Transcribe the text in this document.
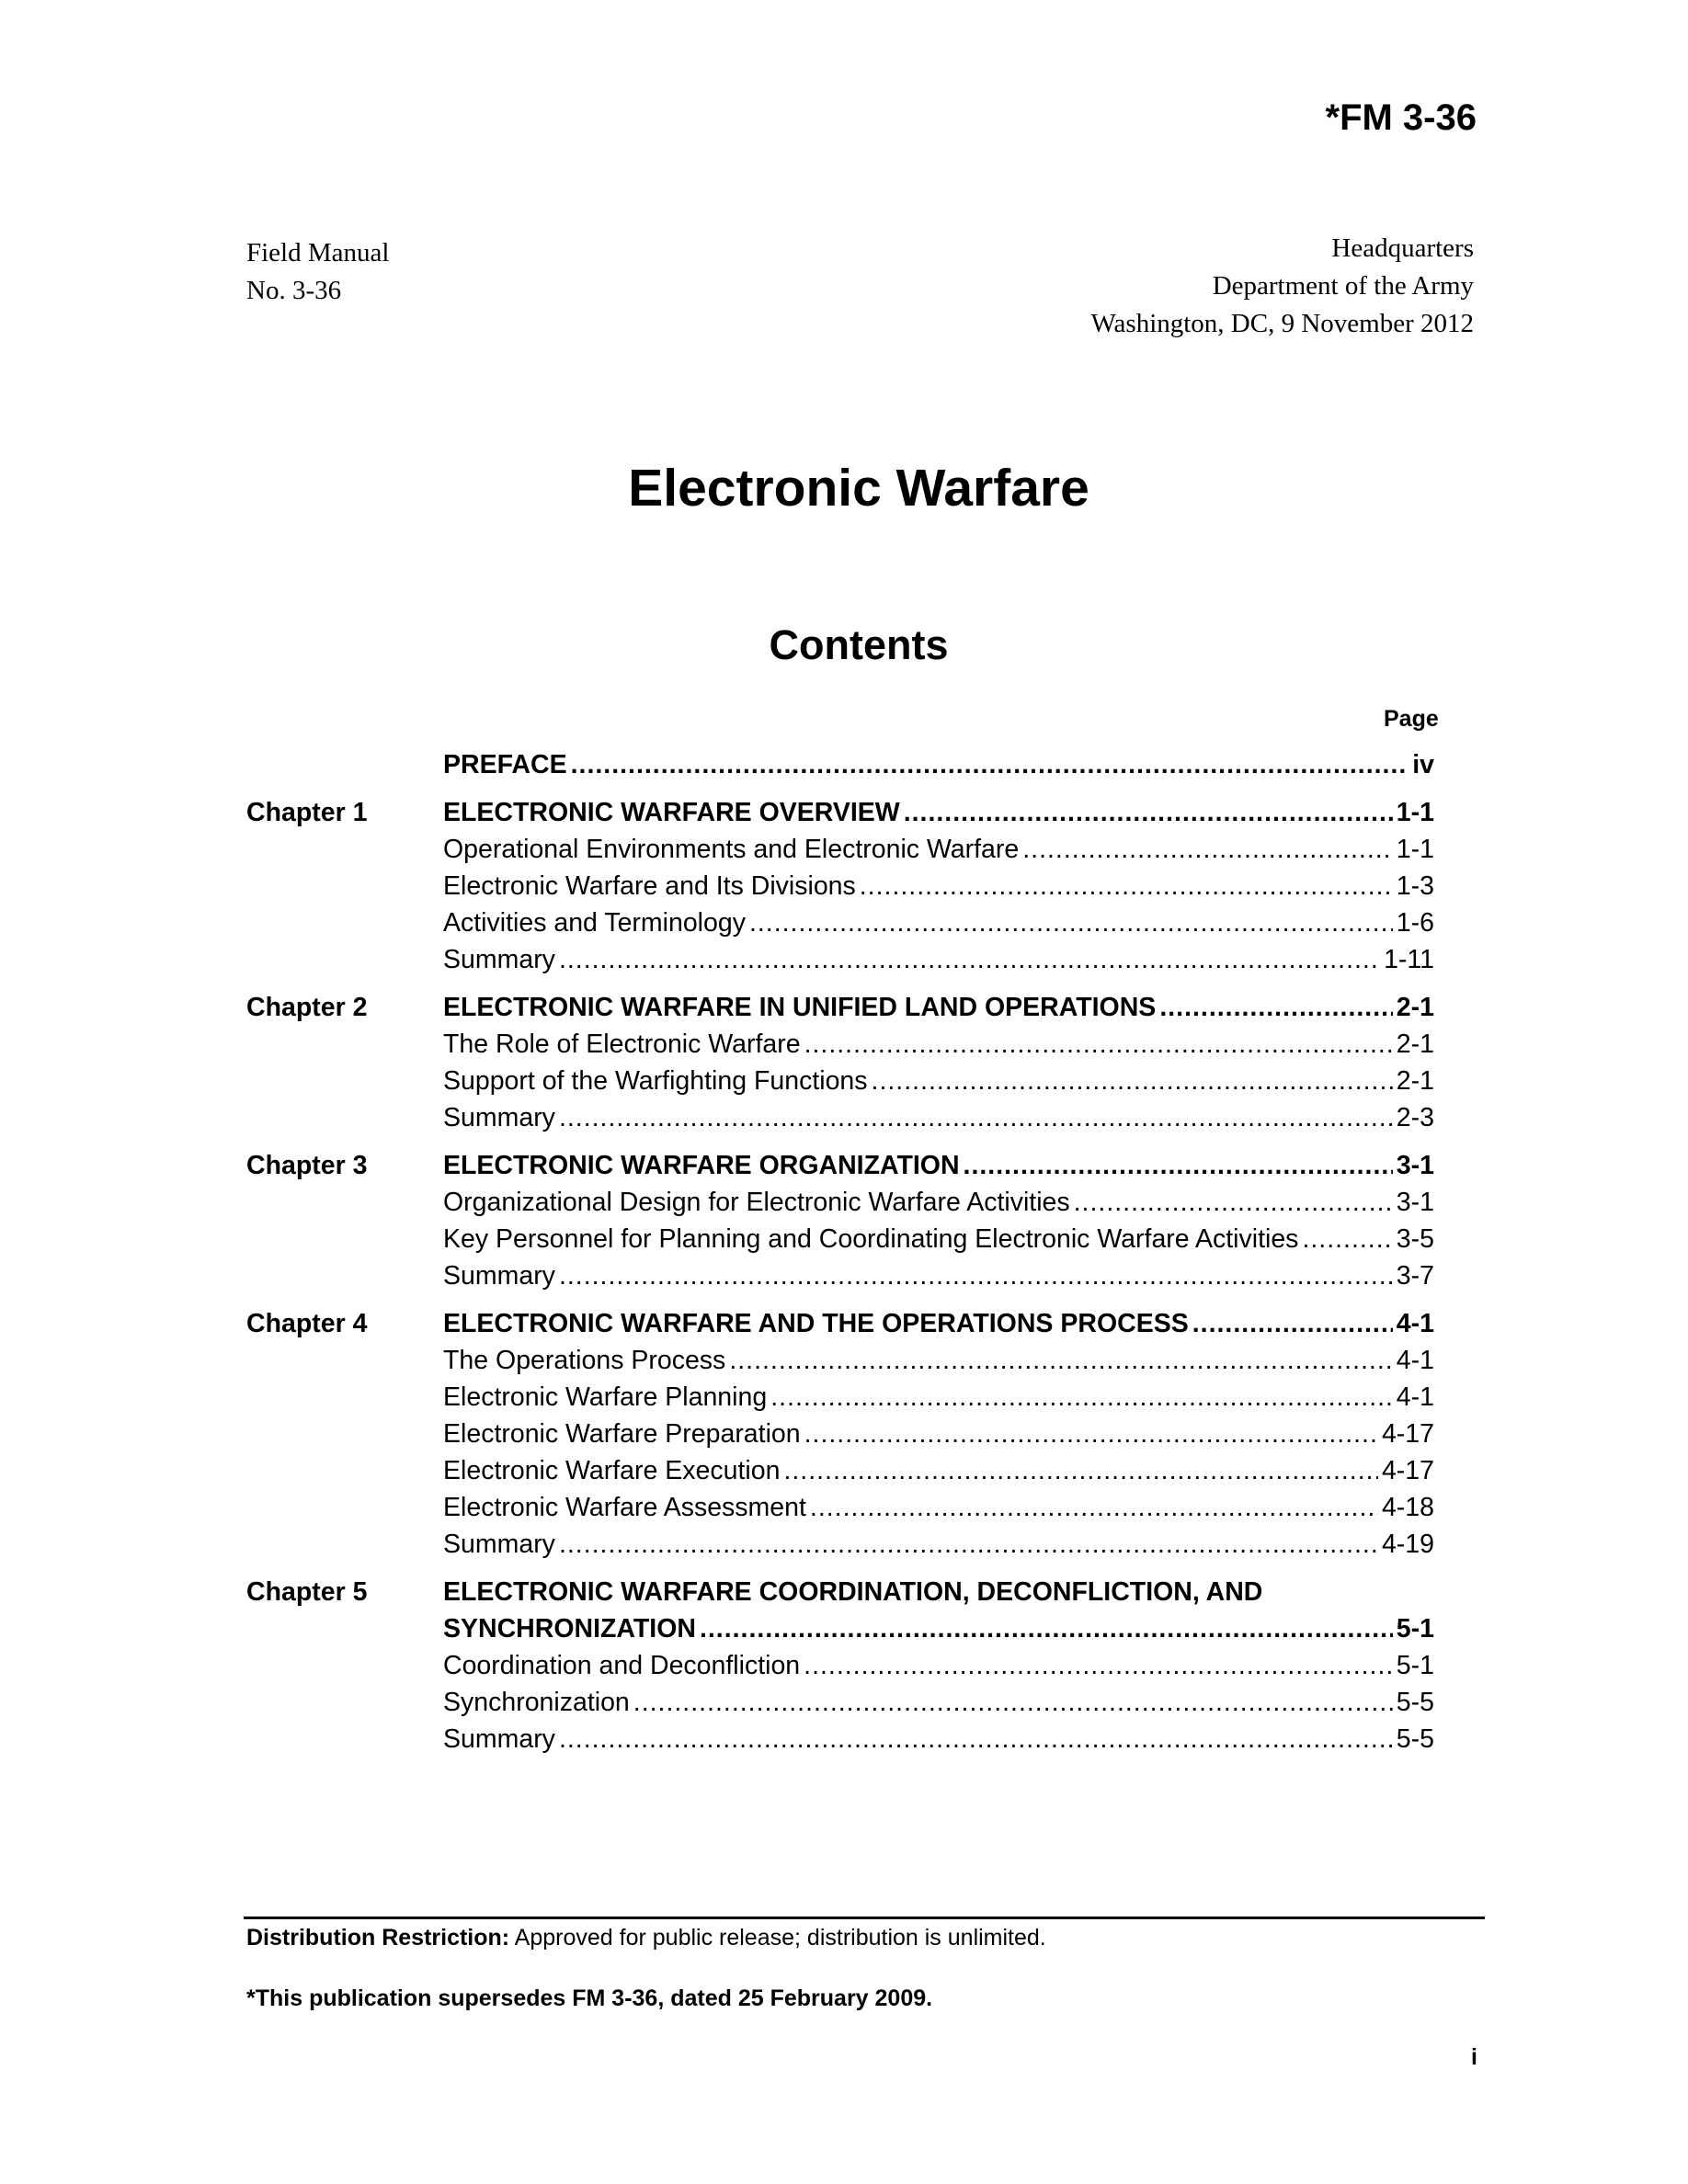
*FM 3-36
Field Manual
No. 3-36
Headquarters
Department of the Army
Washington, DC, 9 November 2012
Electronic Warfare
Contents
Page
PREFACE .....	iv
Chapter 1	ELECTRONIC WARFARE OVERVIEW .....	1-1
Operational Environments and Electronic Warfare .....	1-1
Electronic Warfare and Its Divisions .....	1-3
Activities and Terminology .....	1-6
Summary .....	1-11
Chapter 2	ELECTRONIC WARFARE IN UNIFIED LAND OPERATIONS .....	2-1
The Role of Electronic Warfare .....	2-1
Support of the Warfighting Functions .....	2-1
Summary .....	2-3
Chapter 3	ELECTRONIC WARFARE ORGANIZATION .....	3-1
Organizational Design for Electronic Warfare Activities .....	3-1
Key Personnel for Planning and Coordinating Electronic Warfare Activities .....	3-5
Summary .....	3-7
Chapter 4	ELECTRONIC WARFARE AND THE OPERATIONS PROCESS .....	4-1
The Operations Process .....	4-1
Electronic Warfare Planning .....	4-1
Electronic Warfare Preparation .....	4-17
Electronic Warfare Execution .....	4-17
Electronic Warfare Assessment .....	4-18
Summary .....	4-19
Chapter 5	ELECTRONIC WARFARE COORDINATION, DECONFLICTION, AND
SYNCHRONIZATION .....	5-1
Coordination and Deconfliction .....	5-1
Synchronization .....	5-5
Summary .....	5-5
Distribution Restriction: Approved for public release; distribution is unlimited.
*This publication supersedes FM 3-36, dated 25 February 2009.
i
